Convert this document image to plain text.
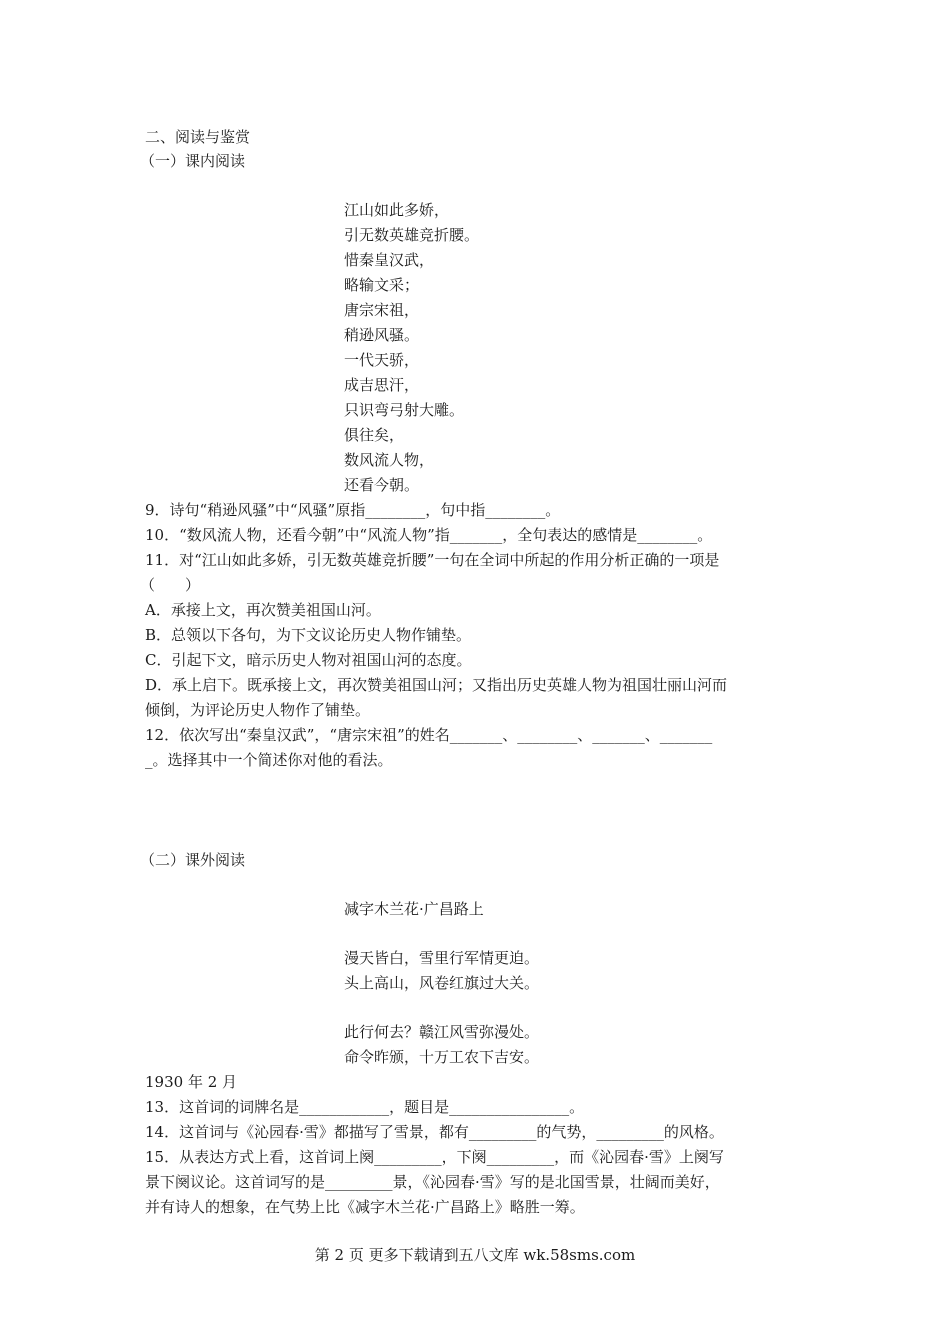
二、阅读与鉴赏
（一）课内阅读
江山如此多娇，
引无数英雄竞折腰。
惜秦皇汉武，
略输文采；
唐宗宋祖，
稍逊风骚。
一代天骄，
成吉思汗，
只识弯弓射大雕。
俱往矣，
数风流人物，
还看今朝。
9．诗句“稍逊风骚”中“风骚”原指________，句中指________。
10．“数风流人物，还看今朝”中“风流人物”指_______，全句表达的感情是________。
11．对“江山如此多娇，引无数英雄竞折腰”一句在全词中所起的作用分析正确的一项是
（　　）
A．承接上文，再次赞美祖国山河。
B．总领以下各句，为下文议论历史人物作铺垫。
C．引起下文，暗示历史人物对祖国山河的态度。
D．承上启下。既承接上文，再次赞美祖国山河；又指出历史英雄人物为祖国壮丽山河而
倾倒，为评论历史人物作了铺垫。
12．依次写出“秦皇汉武”，“唐宗宋祖”的姓名_______、________、_______、_______
_。选择其中一个简述你对他的看法。
（二）课外阅读
减字木兰花·广昌路上
漫天皆白，雪里行军情更迫。
头上高山，风卷红旗过大关。
此行何去？赣江风雪弥漫处。
命令昨颁，十万工农下吉安。
1930 年 2 月
13．这首词的词牌名是____________，题目是________________。
14．这首词与《沁园春·雪》都描写了雪景，都有_________的气势，_________的风格。
15．从表达方式上看，这首词上阕_________，下阕_________，而《沁园春·雪》上阕写
景下阕议论。这首词写的是_________景，《沁园春·雪》写的是北国雪景，壮阔而美好，
并有诗人的想象，在气势上比《减字木兰花·广昌路上》略胜一筹。
第 2 页 更多下载请到五八文库 wk.58sms.com
